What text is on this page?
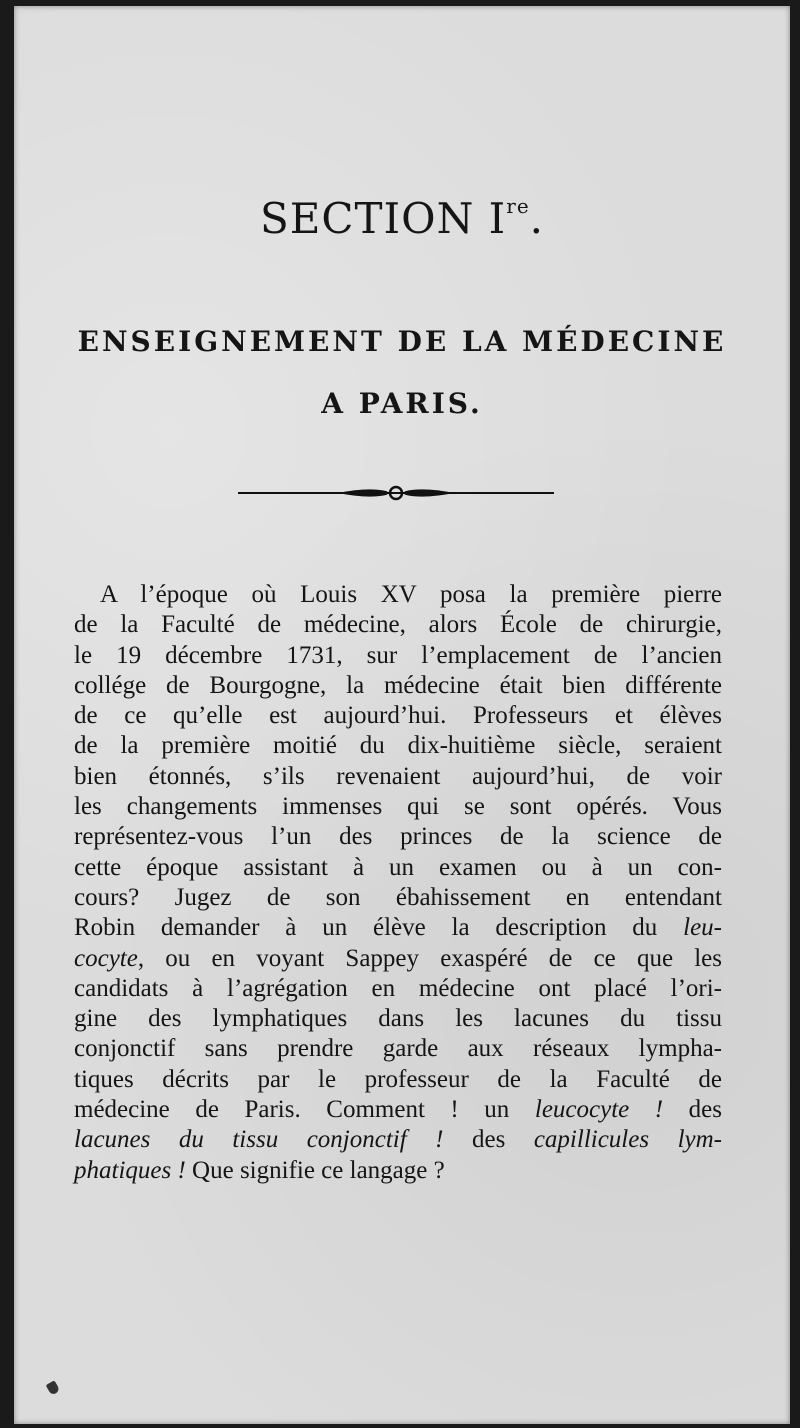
SECTION Ire.
ENSEIGNEMENT DE LA MÉDECINE
A PARIS.
A l’époque où Louis XV posa la première pierre
de la Faculté de médecine, alors École de chirurgie,
le 19 décembre 1731, sur l’emplacement de l’ancien
collége de Bourgogne, la médecine était bien différente
de ce qu’elle est aujourd’hui. Professeurs et élèves
de la première moitié du dix-huitième siècle, seraient
bien étonnés, s’ils revenaient aujourd’hui, de voir
les changements immenses qui se sont opérés. Vous
représentez-vous l’un des princes de la science de
cette époque assistant à un examen ou à un con-
cours? Jugez de son ébahissement en entendant
Robin demander à un élève la description du leu-
cocyte, ou en voyant Sappey exaspéré de ce que les
candidats à l’agrégation en médecine ont placé l’ori-
gine des lymphatiques dans les lacunes du tissu
conjonctif sans prendre garde aux réseaux lympha-
tiques décrits par le professeur de la Faculté de
médecine de Paris. Comment ! un leucocyte ! des
lacunes du tissu conjonctif ! des capillicules lym-
phatiques ! Que signifie ce langage ?
